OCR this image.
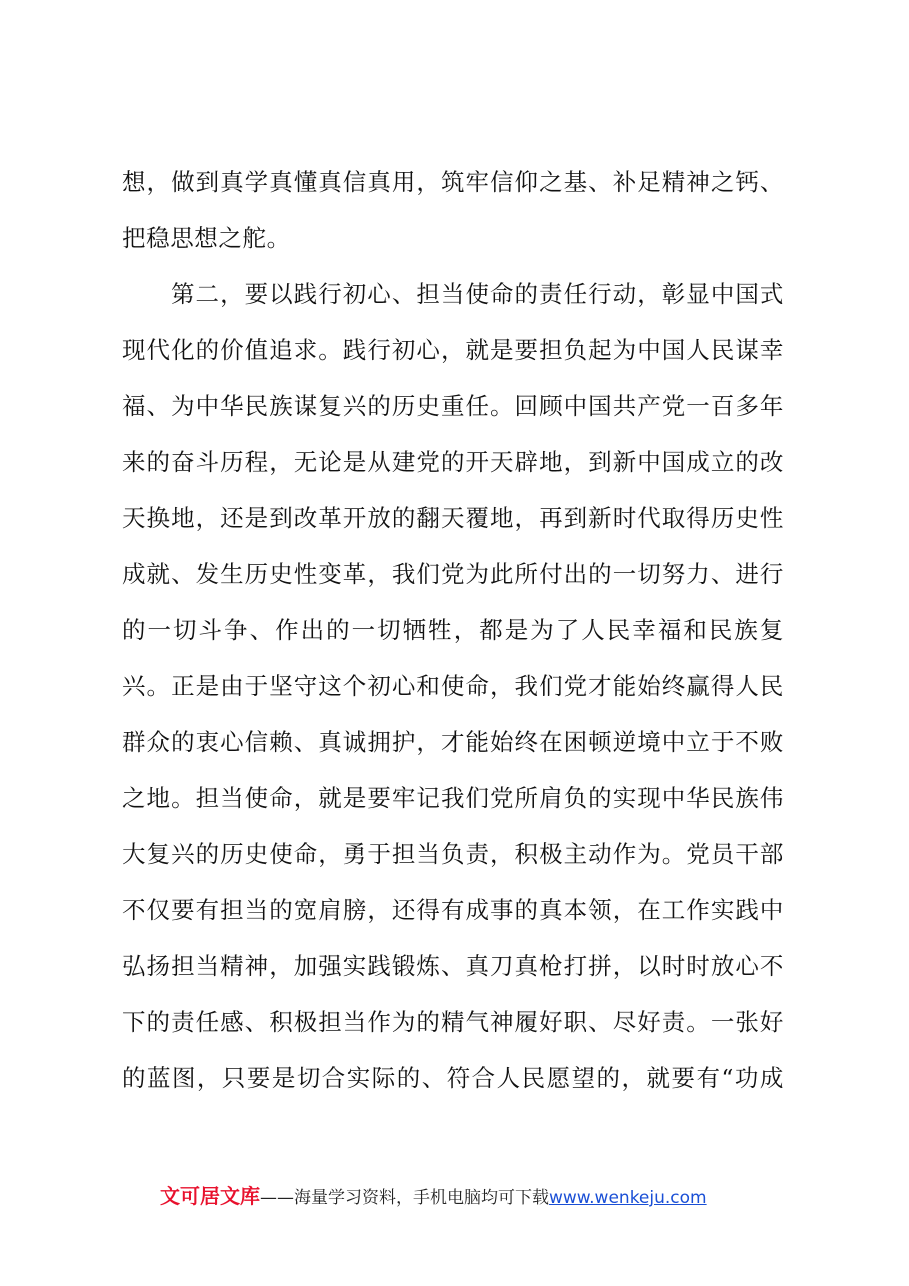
想，做到真学真懂真信真用，筑牢信仰之基、补足精神之钙、
把稳思想之舵。
第二，要以践行初心、担当使命的责任行动，彰显中国式
现代化的价值追求。践行初心，就是要担负起为中国人民谋幸
福、为中华民族谋复兴的历史重任。回顾中国共产党一百多年
来的奋斗历程，无论是从建党的开天辟地，到新中国成立的改
天换地，还是到改革开放的翻天覆地，再到新时代取得历史性
成就、发生历史性变革，我们党为此所付出的一切努力、进行
的一切斗争、作出的一切牺牲，都是为了人民幸福和民族复
兴。正是由于坚守这个初心和使命，我们党才能始终赢得人民
群众的衷心信赖、真诚拥护，才能始终在困顿逆境中立于不败
之地。担当使命，就是要牢记我们党所肩负的实现中华民族伟
大复兴的历史使命，勇于担当负责，积极主动作为。党员干部
不仅要有担当的宽肩膀，还得有成事的真本领，在工作实践中
弘扬担当精神，加强实践锻炼、真刀真枪打拼，以时时放心不
下的责任感、积极担当作为的精气神履好职、尽好责。一张好
的蓝图，只要是切合实际的、符合人民愿望的，就要有“功成
文可居文库——海量学习资料，手机电脑均可下载www.wenkeju.com
